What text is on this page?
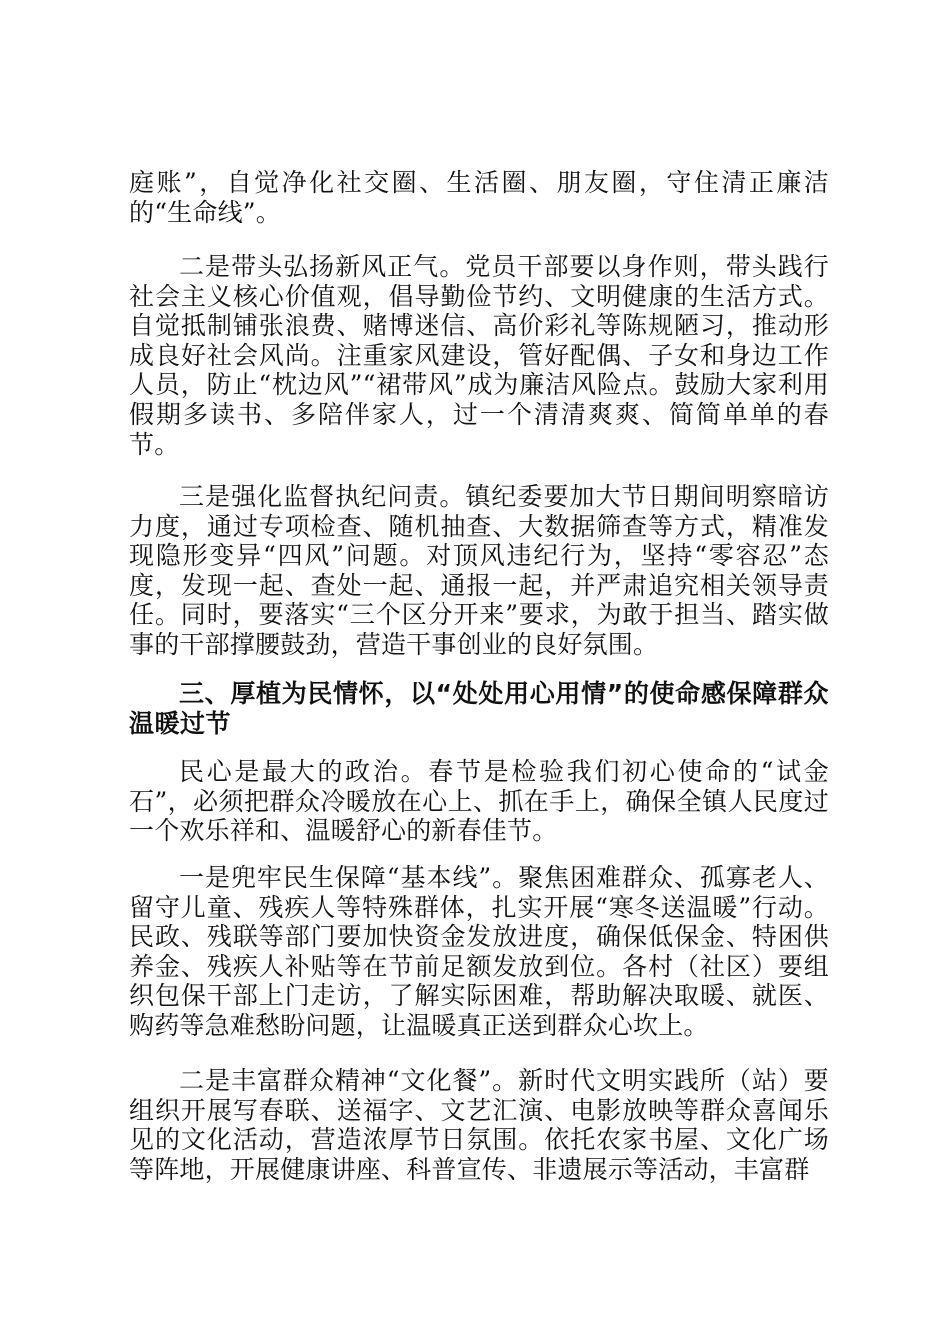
庭账”，自觉净化社交圈、生活圈、朋友圈，守住清正廉洁的“生命线”。

二是带头弘扬新风正气。党员干部要以身作则，带头践行社会主义核心价值观，倡导勤俭节约、文明健康的生活方式。自觉抵制铺张浪费、赌博迷信、高价彩礼等陈规陋习，推动形成良好社会风尚。注重家风建设，管好配偶、子女和身边工作人员，防止“枕边风”“裙带风”成为廉洁风险点。鼓励大家利用假期多读书、多陪伴家人，过一个清清爽爽、简简单单的春节。

三是强化监督执纪问责。镇纪委要加大节日期间明察暗访力度，通过专项检查、随机抽查、大数据筛查等方式，精准发现隐形变异“四风”问题。对顶风违纪行为，坚持“零容忍”态度，发现一起、查处一起、通报一起，并严肃追究相关领导责任。同时，要落实“三个区分开来”要求，为敢于担当、踏实做事的干部撑腰鼓劲，营造干事创业的良好氛围。

三、厚植为民情怀，以“处处用心用情”的使命感保障群众温暖过节

民心是最大的政治。春节是检验我们初心使命的“试金石”，必须把群众冷暖放在心上、抓在手上，确保全镇人民度过一个欢乐祥和、温暖舒心的新春佳节。

一是兜牢民生保障“基本线”。聚焦困难群众、孤寡老人、留守儿童、残疾人等特殊群体，扎实开展“寒冬送温暖”行动。民政、残联等部门要加快资金发放进度，确保低保金、特困供养金、残疾人补贴等在节前足额发放到位。各村（社区）要组织包保干部上门走访，了解实际困难，帮助解决取暖、就医、购药等急难愁盼问题，让温暖真正送到群众心坎上。

二是丰富群众精神“文化餐”。新时代文明实践所（站）要组织开展写春联、送福字、文艺汇演、电影放映等群众喜闻乐见的文化活动，营造浓厚节日氛围。依托农家书屋、文化广场等阵地，开展健康讲座、科普宣传、非遗展示等活动，丰富群
